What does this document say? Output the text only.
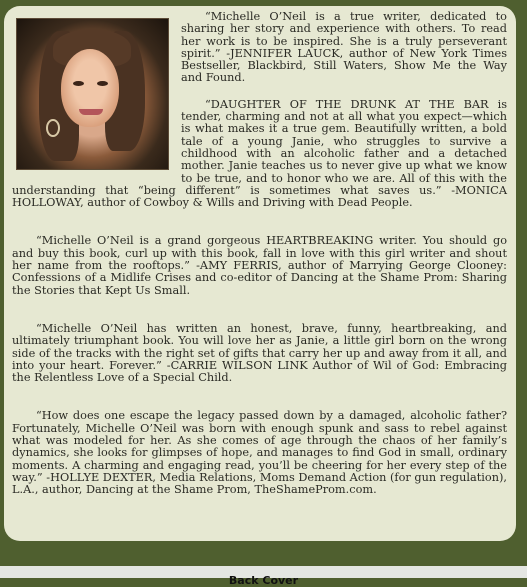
“Michelle O’Neil is a true writer, dedicated to sharing her story and experience with others. To read her work is to be inspired. She is a truly perseverant spirit.” -JENNIFER LAUCK, author of New York Times Bestseller, Blackbird, Still Waters, Show Me the Way and Found.

“DAUGHTER OF THE DRUNK AT THE BAR is tender, charming and not at all what you expect—which is what makes it a true gem. Beautifully written, a bold tale of a young Janie, who struggles to survive a childhood with an alcoholic father and a detached mother. Janie teaches us to never give up what we know to be true, and to honor who we are. All of this with the understanding that “being different” is sometimes what saves us.” -MONICA HOLLOWAY, author of Cowboy & Wills and Driving with Dead People.

“Michelle O’Neil is a grand gorgeous HEARTBREAKING writer. You should go and buy this book, curl up with this book, fall in love with this girl writer and shout her name from the rooftops.” -AMY FERRIS, author of Marrying George Clooney: Confessions of a Midlife Crises and co-editor of Dancing at the Shame Prom: Sharing the Stories that Kept Us Small.

“Michelle O’Neil has written an honest, brave, funny, heartbreaking, and ultimately triumphant book. You will love her as Janie, a little girl born on the wrong side of the tracks with the right set of gifts that carry her up and away from it all, and into your heart. Forever.” -CARRIE WILSON LINK Author of Wil of God: Embracing the Relentless Love of a Special Child.

“How does one escape the legacy passed down by a damaged, alcoholic father? Fortunately, Michelle O’Neil was born with enough spunk and sass to rebel against what was modeled for her. As she comes of age through the chaos of her family’s dynamics, she looks for glimpses of hope, and manages to find God in small, ordinary moments. A charming and engaging read, you’ll be cheering for her every step of the way.” -HOLLYE DEXTER, Media Relations, Moms Demand Action (for gun regulation), L.A., author, Dancing at the Shame Prom, TheShameProm.com.

Back Cover
